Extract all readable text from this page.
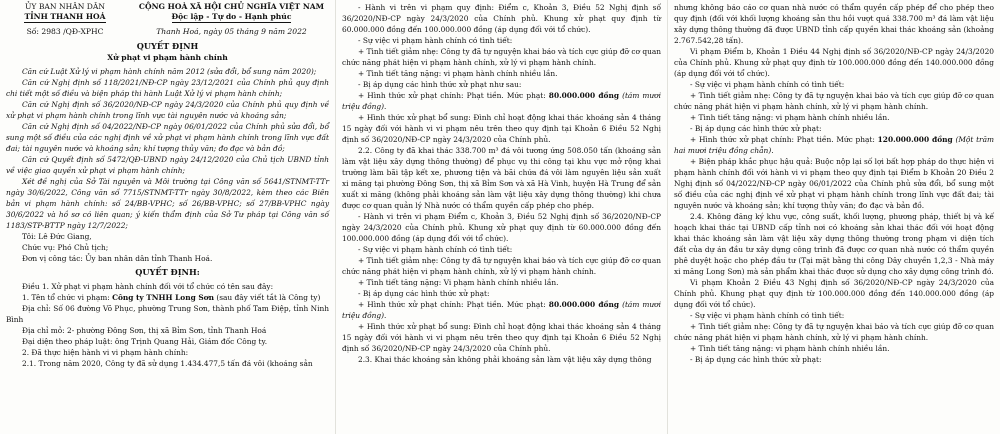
ỦY BAN NHÂN DÂN
TỈNH THANH HOÁ
CỘNG HOÀ XÃ HỘI CHỦ NGHĨA VIỆT NAM
Độc lập - Tự do - Hạnh phúc
Số: 2983 /QĐ-XPHC	Thanh Hoá, ngày 05 tháng 9 năm 2022
QUYẾT ĐỊNH
Xử phạt vi phạm hành chính

Căn cứ Luật Xử lý vi phạm hành chính năm 2012 (sửa đổi, bổ sung năm 2020);

Căn cứ Nghị định số 118/2021/NĐ-CP ngày 23/12/2021 của Chính phủ quy định chi tiết một số điều và biện pháp thi hành Luật Xử lý vi phạm hành chính;

Căn cứ Nghị định số 36/2020/NĐ-CP ngày 24/3/2020 của Chính phủ quy định về xử phạt vi phạm hành chính trong lĩnh vực tài nguyên nước và khoáng sản;

Căn cứ Nghị định số 04/2022/NĐ-CP ngày 06/01/2022 của Chính phủ sửa đổi, bổ sung một số điều của các nghị định về xử phạt vi phạm hành chính trong lĩnh vực đất đai; tài nguyên nước và khoáng sản; khí tượng thủy văn; đo đạc và bản đồ;

Căn cứ Quyết định số 5472/QĐ-UBND ngày 24/12/2020 của Chủ tịch UBND tỉnh về việc giao quyền xử phạt vi phạm hành chính;

Xét đề nghị của Sở Tài nguyên và Môi trường tại Công văn số 5641/STNMT-TTr ngày 30/6/2022, Công văn số 7715/STNMT-TTr ngày 30/8/2022, kèm theo các Biên bản vi phạm hành chính: số 24/BB-VPHC; số 26/BB-VPHC; số 27/BB-VPHC ngày 30/6/2022 và hồ sơ có liên quan; ý kiến thẩm định của Sở Tư pháp tại Công văn số 1183/STP-BTTP ngày 12/7/2022;

Tôi: Lê Đức Giang,

Chức vụ: Phó Chủ tịch;

Đơn vị công tác: Ủy ban nhân dân tỉnh Thanh Hoá.

QUYẾT ĐỊNH:

Điều 1. Xử phạt vi phạm hành chính đối với tổ chức có tên sau đây:

1. Tên tổ chức vi phạm: Công ty TNHH Long Sơn (sau đây viết tắt là Công ty)

Địa chỉ: Số 06 đường Võ Phục, phường Trung Sơn, thành phố Tam Điệp, tỉnh Ninh Bình

Địa chỉ mỏ: 2- phường Đông Sơn, thị xã Bỉm Sơn, tỉnh Thanh Hoá

Đại diện theo pháp luật: ông Trịnh Quang Hải, Giám đốc Công ty.

2. Đã thực hiện hành vi vi phạm hành chính:

2.1. Trong năm 2020, Công ty đã sử dụng 1.434.477,5 tấn đá vôi (khoáng sản

- Hành vi trên vi phạm quy định: Điểm c, Khoản 3, Điều 52 Nghị định số 36/2020/NĐ-CP ngày 24/3/2020 của Chính phủ. Khung xử phạt quy định từ 60.000.000 đồng đến 100.000.000 đồng (áp dụng đối với tổ chức).

- Sự việc vi phạm hành chính có tình tiết:

+ Tình tiết giảm nhẹ: Công ty đã tự nguyện khai báo và tích cực giúp đỡ cơ quan chức năng phát hiện vi phạm hành chính, xử lý vi phạm hành chính.

+ Tình tiết tăng nặng: vi phạm hành chính nhiều lần.

- Bị áp dụng các hình thức xử phạt như sau:

+ Hình thức xử phạt chính: Phạt tiền. Mức phạt: 80.000.000 đồng (tám mươi triệu đồng).

+ Hình thức xử phạt bổ sung: Đình chỉ hoạt động khai thác khoáng sản 4 tháng 15 ngày đối với hành vi vi phạm nêu trên theo quy định tại Khoản 6 Điều 52 Nghị định số 36/2020/NĐ-CP ngày 24/3/2020 của Chính phủ.

2.2. Công ty đã khai thác 338.700 m³ đá vôi tương ứng 508.050 tấn (khoáng sản làm vật liệu xây dựng thông thường) để phục vụ thi công tại khu vực mở rộng khai trường làm bãi tập kết xe, phương tiện và bãi chứa đá vôi làm nguyên liệu sản xuất xi măng tại phường Đông Sơn, thị xã Bỉm Sơn và xã Hà Vinh, huyện Hà Trung để sản xuất xi măng (không phải khoáng sản làm vật liệu xây dựng thông thường) khi chưa được cơ quan quản lý Nhà nước có thẩm quyền cấp phép cho phép.

- Hành vi trên vi phạm Điểm c, Khoản 3, Điều 52 Nghị định số 36/2020/NĐ-CP ngày 24/3/2020 của Chính phủ. Khung xử phạt quy định từ 60.000.000 đồng đến 100.000.000 đồng (áp dụng đối với tổ chức).

- Sự việc vi phạm hành chính có tình tiết:

+ Tình tiết giảm nhẹ: Công ty đã tự nguyện khai báo và tích cực giúp đỡ cơ quan chức năng phát hiện vi phạm hành chính, xử lý vi phạm hành chính.

+ Tình tiết tăng nặng: Vi phạm hành chính nhiều lần.

- Bị áp dụng các hình thức xử phạt:

+ Hình thức xử phạt chính: Phạt tiền. Mức phạt: 80.000.000 đồng (tám mươi triệu đồng).

+ Hình thức xử phạt bổ sung: Đình chỉ hoạt động khai thác khoáng sản 4 tháng 15 ngày đối với hành vi vi phạm nêu trên theo quy định tại Khoản 6 Điều 52 Nghị định số 36/2020/NĐ-CP ngày 24/3/2020 của Chính phủ.

2.3. Khai thác khoáng sản không phải khoáng sản làm vật liệu xây dựng thông

nhưng không báo cáo cơ quan nhà nước có thẩm quyền cấp phép để cho phép theo quy định (đối với khối lượng khoáng sản thu hồi vượt quá 338.700 m³ đá làm vật liệu xây dựng thông thường đã được UBND tỉnh cấp quyền khai thác khoáng sản (khoảng 2.767.542,28 tấn).

Vi phạm Điểm b, Khoản 1 Điều 44 Nghị định số 36/2020/NĐ-CP ngày 24/3/2020 của Chính phủ. Khung xử phạt quy định từ 100.000.000 đồng đến 140.000.000 đồng (áp dụng đối với tổ chức).

- Sự việc vi phạm hành chính có tình tiết:

+ Tình tiết giảm nhẹ: Công ty đã tự nguyện khai báo và tích cực giúp đỡ cơ quan chức năng phát hiện vi phạm hành chính, xử lý vi phạm hành chính.

+ Tình tiết tăng nặng: vi phạm hành chính nhiều lần.

- Bị áp dụng các hình thức xử phạt:

+ Hình thức xử phạt chính: Phạt tiền. Mức phạt: 120.000.000 đồng (Một trăm hai mươi triệu đồng chẵn).

+ Biện pháp khắc phục hậu quả: Buộc nộp lại số lợi bất hợp pháp do thực hiện vi phạm hành chính đối với hành vi vi phạm theo quy định tại Điểm b Khoản 20 Điều 2 Nghị định số 04/2022/NĐ-CP ngày 06/01/2022 của Chính phủ sửa đổi, bổ sung một số điều của các nghị định về xử phạt vi phạm hành chính trong lĩnh vực đất đai; tài nguyên nước và khoáng sản; khí tượng thủy văn; đo đạc và bản đồ.

2.4. Không đăng ký khu vực, công suất, khối lượng, phương pháp, thiết bị và kế hoạch khai thác tại UBND cấp tỉnh nơi có khoáng sản khai thác đối với hoạt động khai thác khoáng sản làm vật liệu xây dựng thông thường trong phạm vi diện tích đất của dự án đầu tư xây dựng công trình đã được cơ quan nhà nước có thẩm quyền phê duyệt hoặc cho phép đầu tư (Tại mặt bằng thi công Dây chuyền 1,2,3 - Nhà máy xi măng Long Sơn) mà sản phẩm khai thác được sử dụng cho xây dựng công trình đó.

Vi phạm Khoản 2 Điều 43 Nghị định số 36/2020/NĐ-CP ngày 24/3/2020 của Chính phủ. Khung phạt quy định từ 100.000.000 đồng đến 140.000.000 đồng (áp dụng đối với tổ chức).

- Sự việc vi phạm hành chính có tình tiết:

+ Tình tiết giảm nhẹ: Công ty đã tự nguyện khai báo và tích cực giúp đỡ cơ quan chức năng phát hiện vi phạm hành chính, xử lý vi phạm hành chính.

+ Tình tiết tăng nặng: vi phạm hành chính nhiều lần.

- Bị áp dụng các hình thức xử phạt:
